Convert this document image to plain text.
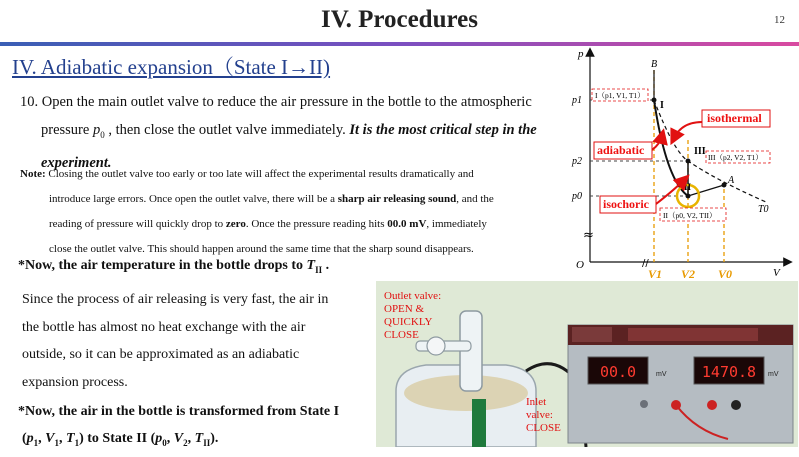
IV. Procedures	12
IV. Adiabatic expansion（State I→II)
10. Open the main outlet valve to reduce the air pressure in the bottle to the atmospheric
pressure $p_0$ , then close the outlet valve immediately. It is the most critical step in the
experiment.
Note: Closing the outlet valve too early or too late will affect the experimental results dramatically and
introduce large errors. Once open the outlet valve, there will be a sharp air releasing sound, and the
reading of pressure will quickly drop to zero. Once the pressure reading hits 00.0 mV, immediately
close the outlet valve. This should happen around the same time that the sharp sound disappears.
*Now, the air temperature in the bottle drops to $T_{II}$ .
Since the process of air releasing is very fast, the air in
the bottle has almost no heat exchange with the air
outside, so it can be approximated as an adiabatic
expansion process.
*Now, the air in the bottle is transformed from State I
($p_1$, $V_1$, $T_1$) to State II ($p_0$, $V_2$, $T_{II}$).
Outlet valve:
OPEN &
QUICKLY
CLOSE
Inlet
valve:
CLOSE
00.0	mV 1470.8 mV
p
V
O
≈
//
p1
p2
p0
B
A
I
III
II
T0
I（p1, V1, T1）
III（p2, V2, T1）
II（p0, V2, TII）
isothermal
adiabatic
isochoric
V1 V2 V0
